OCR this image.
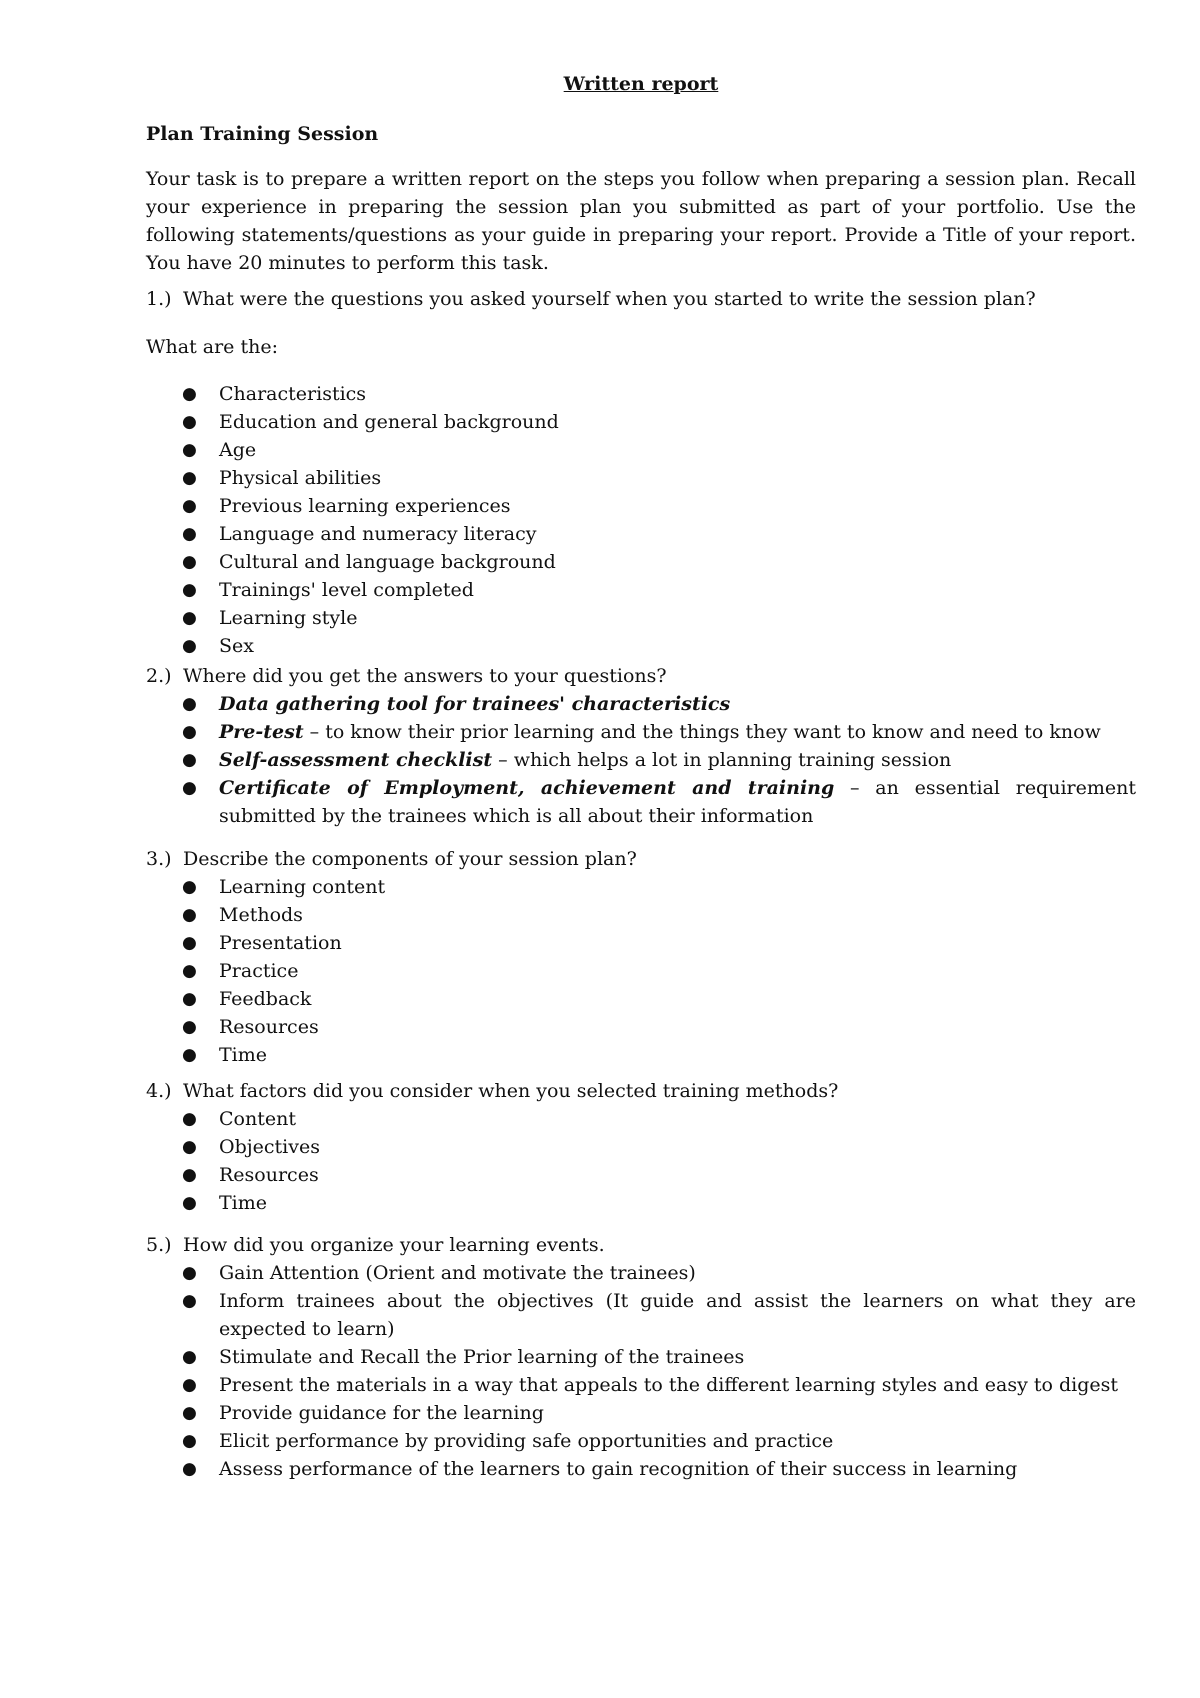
Written report
Plan Training Session
Your task is to prepare a written report on the steps you follow when preparing a session plan. Recall your experience in preparing the session plan you submitted as part of your portfolio. Use the following statements/questions as your guide in preparing your report. Provide a Title of your report. You have 20 minutes to perform this task.
1.) What were the questions you asked yourself when you started to write the session plan?
What are the:
● Characteristics
● Education and general background
● Age
● Physical abilities
● Previous learning experiences
● Language and numeracy literacy
● Cultural and language background
● Trainings' level completed
● Learning style
● Sex
2.) Where did you get the answers to your questions?
● Data gathering tool for trainees' characteristics
● Pre-test – to know their prior learning and the things they want to know and need to know
● Self-assessment checklist – which helps a lot in planning training session
● Certificate of Employment, achievement and training – an essential requirement submitted by the trainees which is all about their information
3.) Describe the components of your session plan?
● Learning content
● Methods
● Presentation
● Practice
● Feedback
● Resources
● Time
4.) What factors did you consider when you selected training methods?
● Content
● Objectives
● Resources
● Time
5.) How did you organize your learning events.
● Gain Attention (Orient and motivate the trainees)
● Inform trainees about the objectives (It guide and assist the learners on what they are expected to learn)
● Stimulate and Recall the Prior learning of the trainees
● Present the materials in a way that appeals to the different learning styles and easy to digest
● Provide guidance for the learning
● Elicit performance by providing safe opportunities and practice
● Assess performance of the learners to gain recognition of their success in learning
